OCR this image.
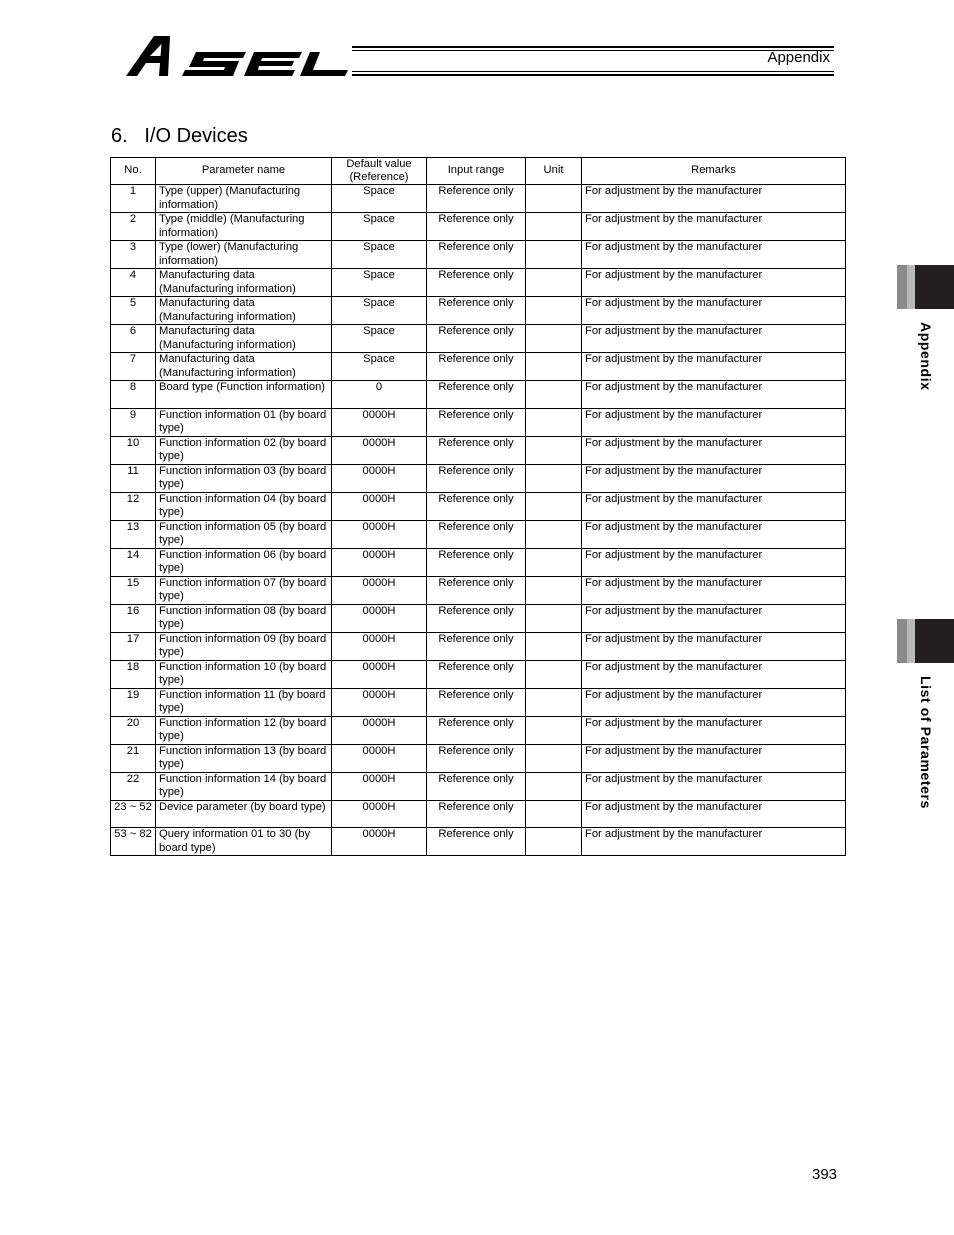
Appendix
6.   I/O Devices
No.	Parameter name	Default value
(Reference)	Input range	Unit	Remarks
1	Type (upper) (Manufacturing information)	Space	Reference only		For adjustment by the manufacturer
2	Type (middle) (Manufacturing information)	Space	Reference only		For adjustment by the manufacturer
3	Type (lower) (Manufacturing information)	Space	Reference only		For adjustment by the manufacturer
4	Manufacturing data (Manufacturing information)	Space	Reference only		For adjustment by the manufacturer
5	Manufacturing data (Manufacturing information)	Space	Reference only		For adjustment by the manufacturer
6	Manufacturing data (Manufacturing information)	Space	Reference only		For adjustment by the manufacturer
7	Manufacturing data (Manufacturing information)	Space	Reference only		For adjustment by the manufacturer
8	Board type (Function information)	0	Reference only		For adjustment by the manufacturer
9	Function information 01 (by board type)	0000H	Reference only		For adjustment by the manufacturer
10	Function information 02 (by board type)	0000H	Reference only		For adjustment by the manufacturer
11	Function information 03 (by board type)	0000H	Reference only		For adjustment by the manufacturer
12	Function information 04 (by board type)	0000H	Reference only		For adjustment by the manufacturer
13	Function information 05 (by board type)	0000H	Reference only		For adjustment by the manufacturer
14	Function information 06 (by board type)	0000H	Reference only		For adjustment by the manufacturer
15	Function information 07 (by board type)	0000H	Reference only		For adjustment by the manufacturer
16	Function information 08 (by board type)	0000H	Reference only		For adjustment by the manufacturer
17	Function information 09 (by board type)	0000H	Reference only		For adjustment by the manufacturer
18	Function information 10 (by board type)	0000H	Reference only		For adjustment by the manufacturer
19	Function information 11 (by board type)	0000H	Reference only		For adjustment by the manufacturer
20	Function information 12 (by board type)	0000H	Reference only		For adjustment by the manufacturer
21	Function information 13 (by board type)	0000H	Reference only		For adjustment by the manufacturer
22	Function information 14 (by board type)	0000H	Reference only		For adjustment by the manufacturer
23 ~ 52	Device parameter (by board type)	0000H	Reference only		For adjustment by the manufacturer
53 ~ 82	Query information 01 to 30 (by board type)	0000H	Reference only		For adjustment by the manufacturer
Appendix
List of Parameters
393
